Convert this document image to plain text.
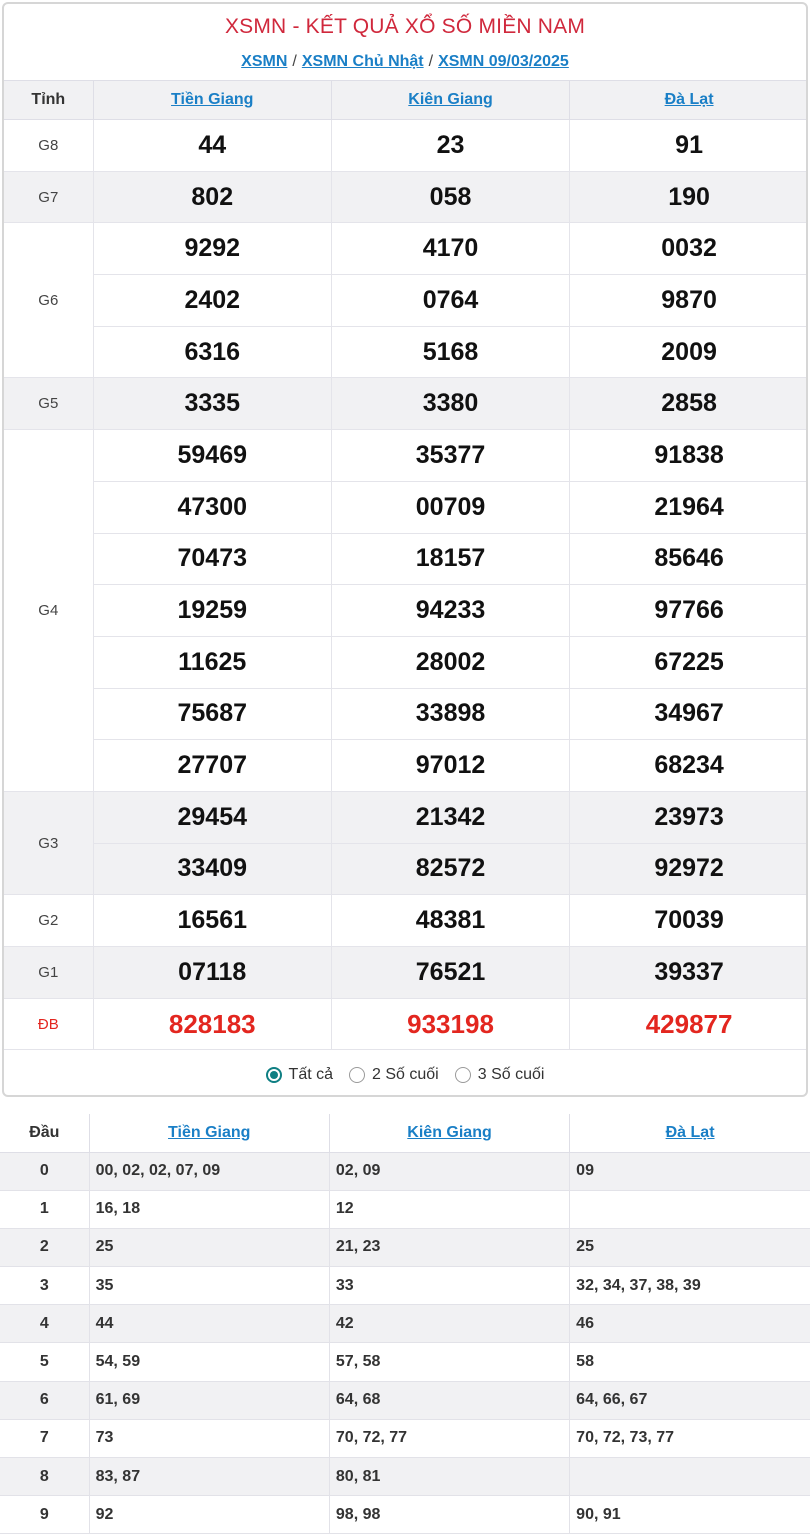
XSMN - KẾT QUẢ XỔ SỐ MIỀN NAM
XSMN / XSMN Chủ Nhật / XSMN 09/03/2025
Tỉnh	Tiền Giang	Kiên Giang	Đà Lạt
G8	44	23	91
G7	802	058	190
G6	9292	4170	0032
	2402	0764	9870
	6316	5168	2009
G5	3335	3380	2858
G4	59469	35377	91838
	47300	00709	21964
	70473	18157	85646
	19259	94233	97766
	11625	28002	67225
	75687	33898	34967
	27707	97012	68234
G3	29454	21342	23973
	33409	82572	92972
G2	16561	48381	70039
G1	07118	76521	39337
ĐB	828183	933198	429877
Tất cả 2 Số cuối 3 Số cuối
Đầu	Tiền Giang	Kiên Giang	Đà Lạt
0	00, 02, 02, 07, 09	02, 09	09
1	16, 18	12	
2	25	21, 23	25
3	35	33	32, 34, 37, 38, 39
4	44	42	46
5	54, 59	57, 58	58
6	61, 69	64, 68	64, 66, 67
7	73	70, 72, 77	70, 72, 73, 77
8	83, 87	80, 81	
9	92	98, 98	90, 91
